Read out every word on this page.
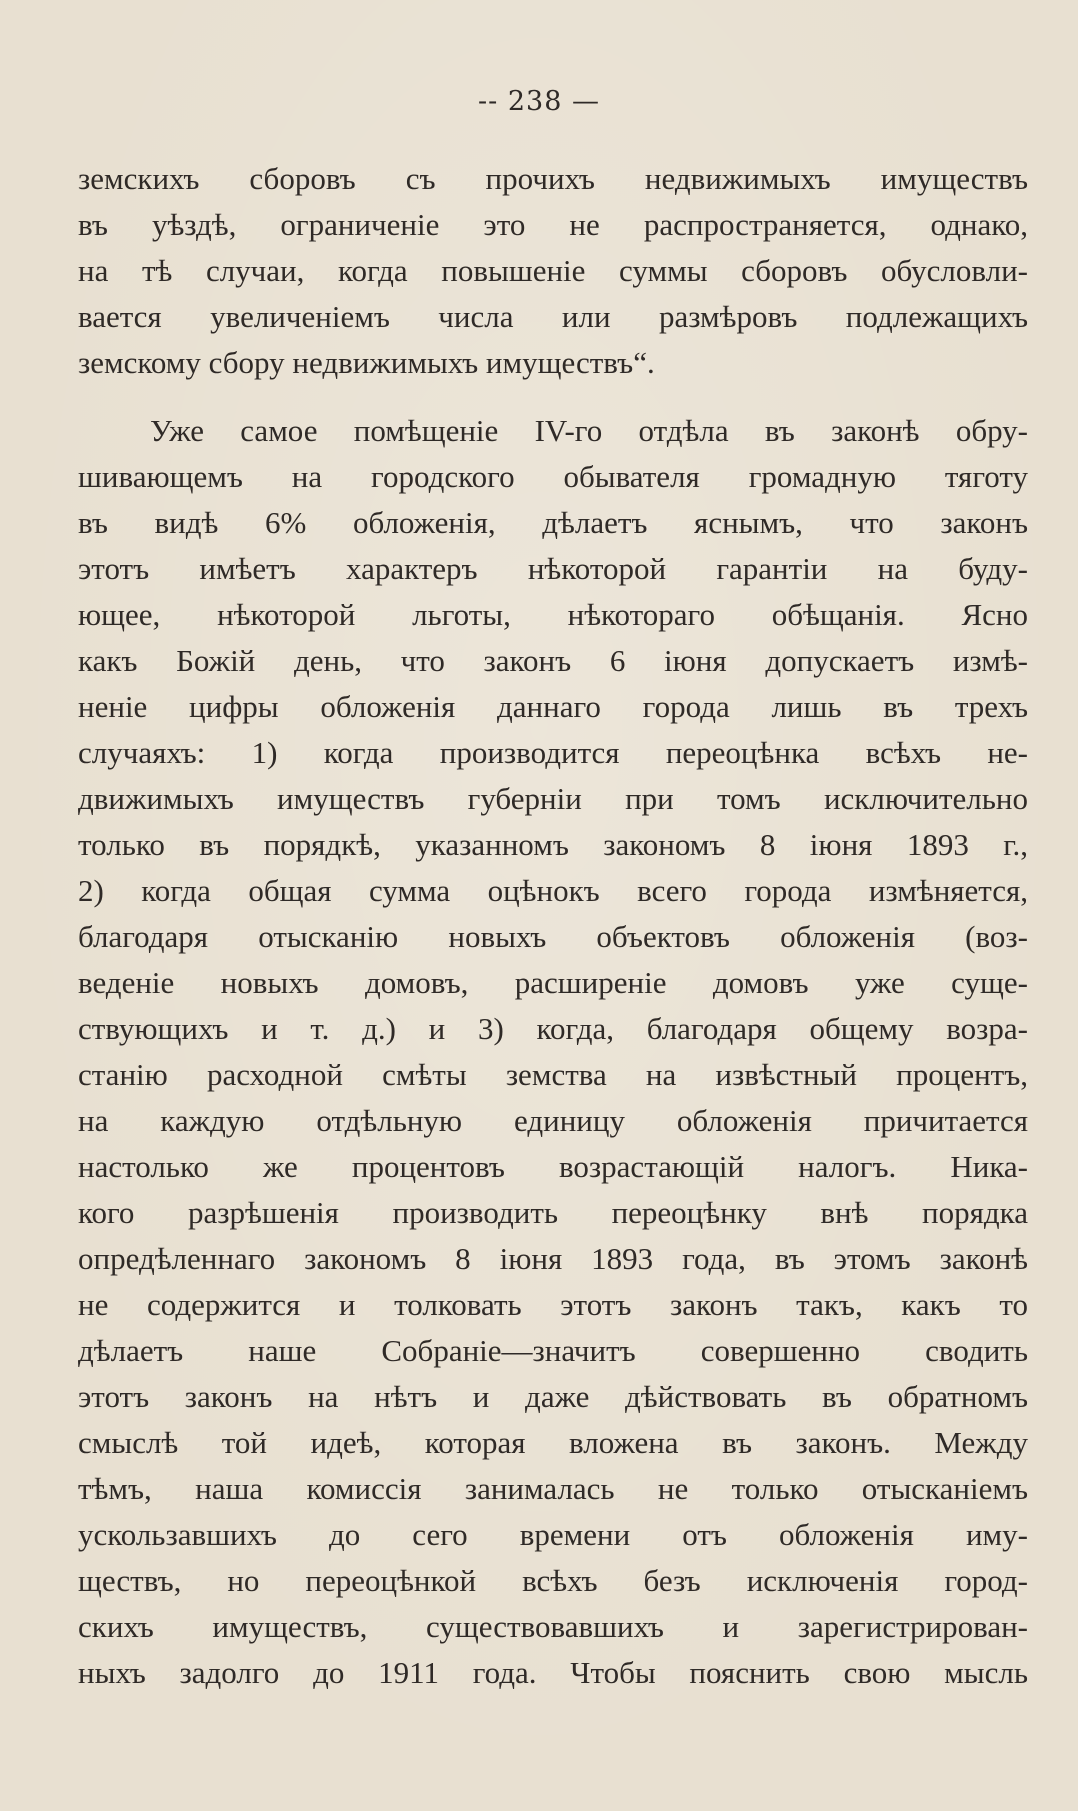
-- 238 —
земскихъ сборовъ съ прочихъ недвижимыхъ имуществъ
въ уѣздѣ, ограниченіе это не распространяется, однако,
на тѣ случаи, когда повышеніе суммы сборовъ обусловли-
вается увеличеніемъ числа или размѣровъ подлежащихъ
земскому сбору недвижимыхъ имуществъ“.
Уже самое помѣщеніе IV-го отдѣла въ законѣ обру-
шивающемъ на городского обывателя громадную тяготу
въ видѣ 6% обложенія, дѣлаетъ яснымъ, что законъ
этотъ имѣетъ характеръ нѣкоторой гарантіи на буду-
ющее, нѣкоторой льготы, нѣкотораго обѣщанія. Ясно
какъ Божій день, что законъ 6 іюня допускаетъ измѣ-
неніе цифры обложенія даннаго города лишь въ трехъ
случаяхъ: 1) когда производится переоцѣнка всѣхъ не-
движимыхъ имуществъ губерніи при томъ исключительно
только въ порядкѣ, указанномъ закономъ 8 іюня 1893 г.,
2) когда общая сумма оцѣнокъ всего города измѣняется,
благодаря отысканію новыхъ объектовъ обложенія (воз-
веденіе новыхъ домовъ, расширеніе домовъ уже суще-
ствующихъ и т. д.) и 3) когда, благодаря общему возра-
станію расходной смѣты земства на извѣстный процентъ,
на каждую отдѣльную единицу обложенія причитается
настолько же процентовъ возрастающій налогъ. Ника-
кого разрѣшенія производить переоцѣнку внѣ порядка
опредѣленнаго закономъ 8 іюня 1893 года, въ этомъ законѣ
не содержится и толковать этотъ законъ такъ, какъ то
дѣлаетъ наше Собраніе—значитъ совершенно сводить
этотъ законъ на нѣтъ и даже дѣйствовать въ обратномъ
смыслѣ той идеѣ, которая вложена въ законъ. Между
тѣмъ, наша комиссія занималась не только отысканіемъ
ускользавшихъ до сего времени отъ обложенія иму-
ществъ, но переоцѣнкой всѣхъ безъ исключенія город-
скихъ имуществъ, существовавшихъ и зарегистрирован-
ныхъ задолго до 1911 года. Чтобы пояснить свою мысль
